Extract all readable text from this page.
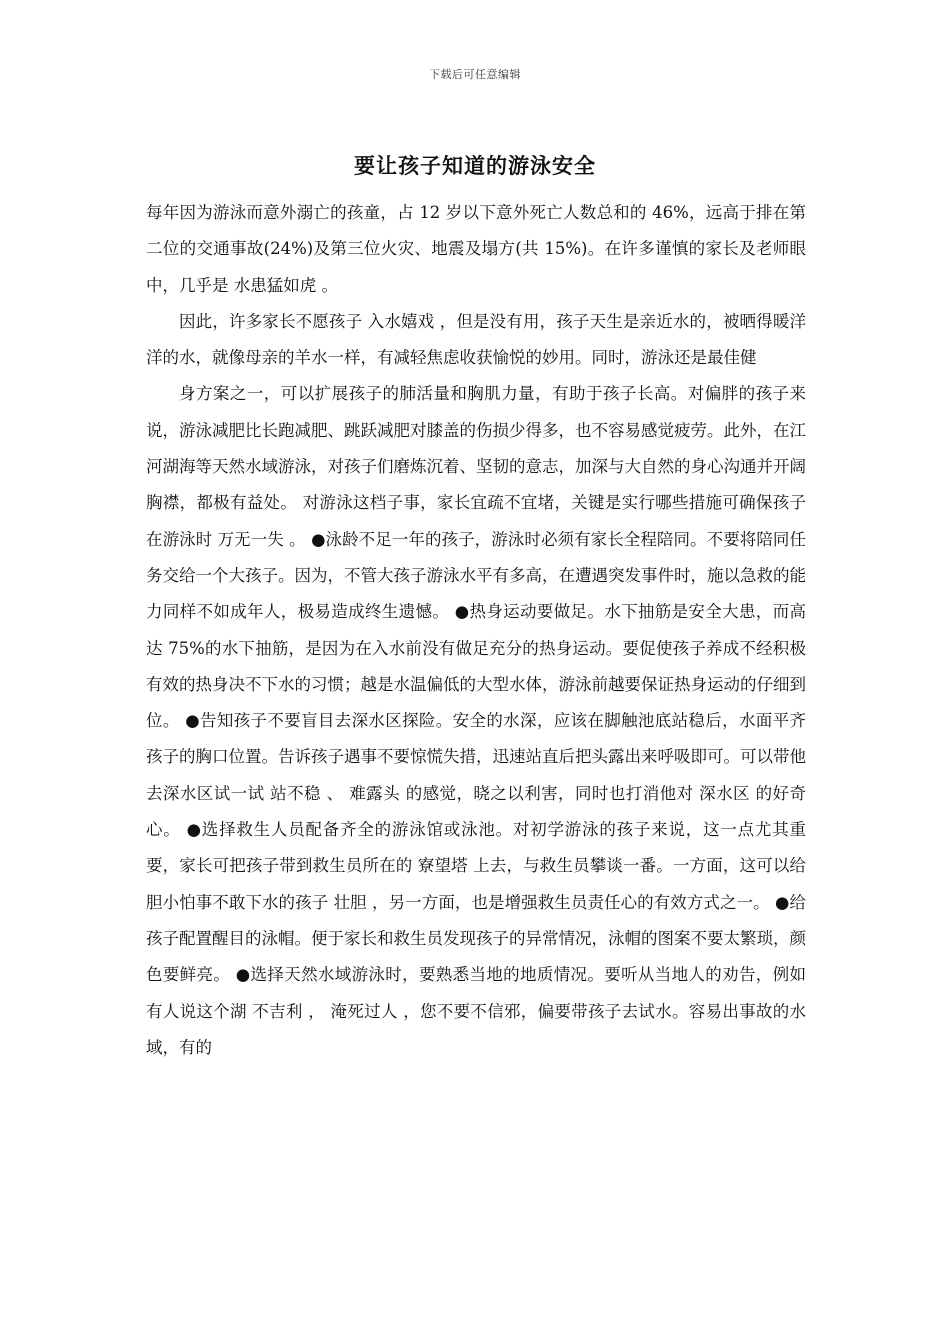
下载后可任意编辑
要让孩子知道的游泳安全

每年因为游泳而意外溺亡的孩童，占 12 岁以下意外死亡人数总和的 46%，远高于排在第二位的交通事故(24%)及第三位火灾、地震及塌方(共 15%)。在许多谨慎的家长及老师眼中，几乎是 水患猛如虎 。

因此，许多家长不愿孩子 入水嬉戏 ，但是没有用，孩子天生是亲近水的，被晒得暖洋洋的水，就像母亲的羊水一样，有减轻焦虑收获愉悦的妙用。同时，游泳还是最佳健

身方案之一，可以扩展孩子的肺活量和胸肌力量，有助于孩子长高。对偏胖的孩子来说，游泳减肥比长跑减肥、跳跃减肥对膝盖的伤损少得多，也不容易感觉疲劳。此外，在江河湖海等天然水域游泳，对孩子们磨炼沉着、坚韧的意志，加深与大自然的身心沟通并开阔胸襟，都极有益处。 对游泳这档子事，家长宜疏不宜堵，关键是实行哪些措施可确保孩子在游泳时 万无一失 。 ●泳龄不足一年的孩子，游泳时必须有家长全程陪同。不要将陪同任务交给一个大孩子。因为，不管大孩子游泳水平有多高，在遭遇突发事件时，施以急救的能力同样不如成年人，极易造成终生遗憾。 ●热身运动要做足。水下抽筋是安全大患，而高达 75%的水下抽筋，是因为在入水前没有做足充分的热身运动。要促使孩子养成不经积极有效的热身决不下水的习惯；越是水温偏低的大型水体，游泳前越要保证热身运动的仔细到位。 ●告知孩子不要盲目去深水区探险。安全的水深，应该在脚触池底站稳后，水面平齐孩子的胸口位置。告诉孩子遇事不要惊慌失措，迅速站直后把头露出来呼吸即可。可以带他去深水区试一试 站不稳 、 难露头 的感觉，晓之以利害，同时也打消他对 深水区 的好奇心。 ●选择救生人员配备齐全的游泳馆或泳池。对初学游泳的孩子来说，这一点尤其重要，家长可把孩子带到救生员所在的 寮望塔 上去，与救生员攀谈一番。一方面，这可以给胆小怕事不敢下水的孩子 壮胆 ，另一方面，也是增强救生员责任心的有效方式之一。 ●给孩子配置醒目的泳帽。便于家长和救生员发现孩子的异常情况，泳帽的图案不要太繁琐，颜色要鲜亮。 ●选择天然水域游泳时，要熟悉当地的地质情况。要听从当地人的劝告，例如有人说这个湖 不吉利 ， 淹死过人 ，您不要不信邪，偏要带孩子去试水。容易出事故的水域，有的
